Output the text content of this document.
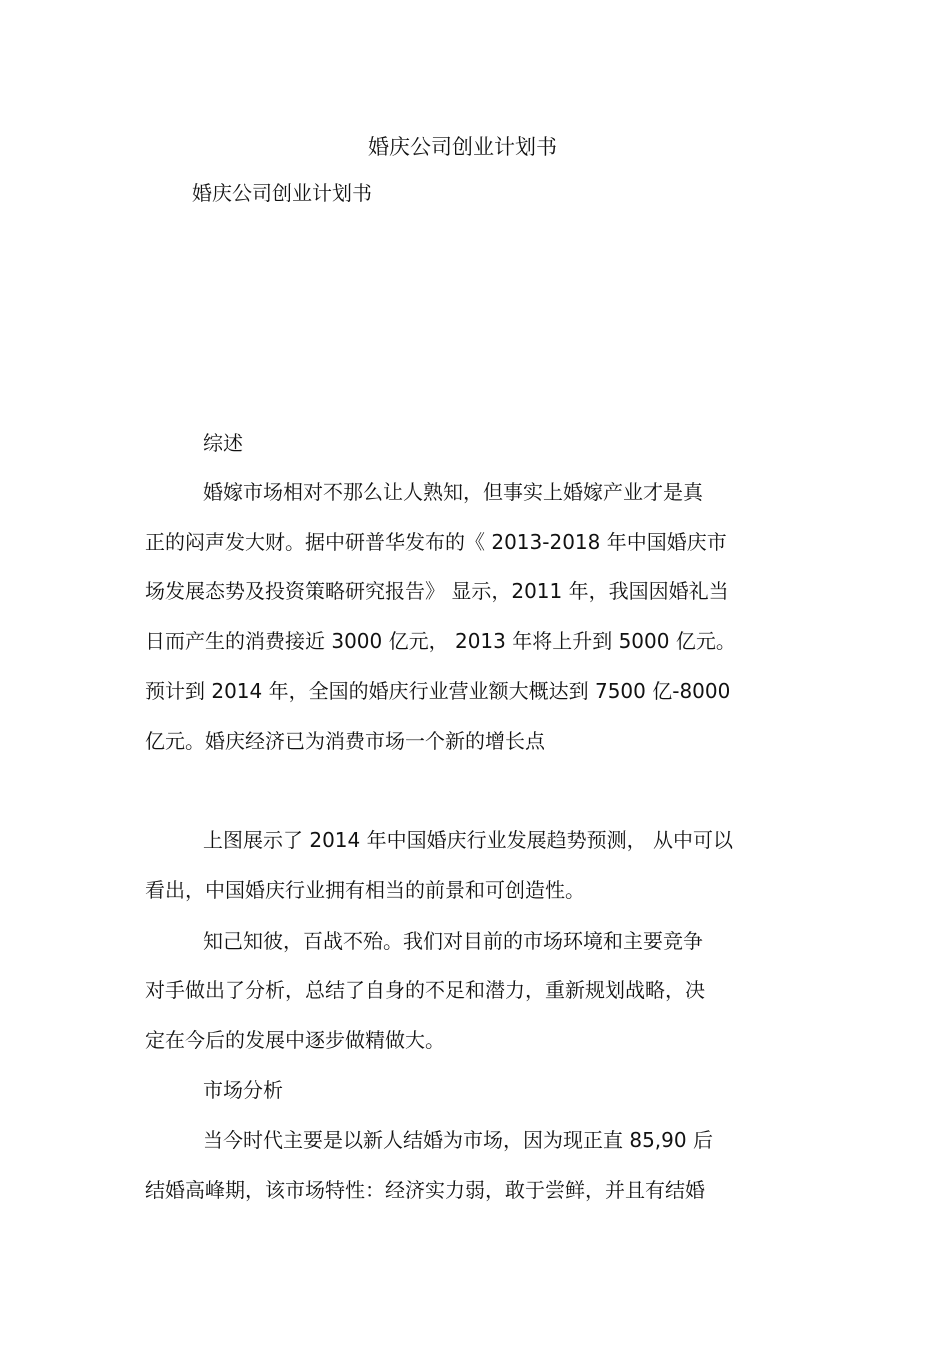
婚庆公司创业计划书
婚庆公司创业计划书
综述
婚嫁市场相对不那么让人熟知，但事实上婚嫁产业才是真
正的闷声发大财。据中研普华发布的《 2013-2018 年中国婚庆市
场发展态势及投资策略研究报告》 显示，2011 年，我国因婚礼当
日而产生的消费接近 3000 亿元， 2013 年将上升到 5000 亿元。
预计到 2014 年，全国的婚庆行业营业额大概达到 7500 亿-8000
亿元。婚庆经济已为消费市场一个新的增长点
上图展示了 2014 年中国婚庆行业发展趋势预测， 从中可以
看出，中国婚庆行业拥有相当的前景和可创造性。
知己知彼，百战不殆。我们对目前的市场环境和主要竞争
对手做出了分析，总结了自身的不足和潜力，重新规划战略，决
定在今后的发展中逐步做精做大。
市场分析
当今时代主要是以新人结婚为市场，因为现正直 85,90 后
结婚高峰期，该市场特性：经济实力弱，敢于尝鲜，并且有结婚
